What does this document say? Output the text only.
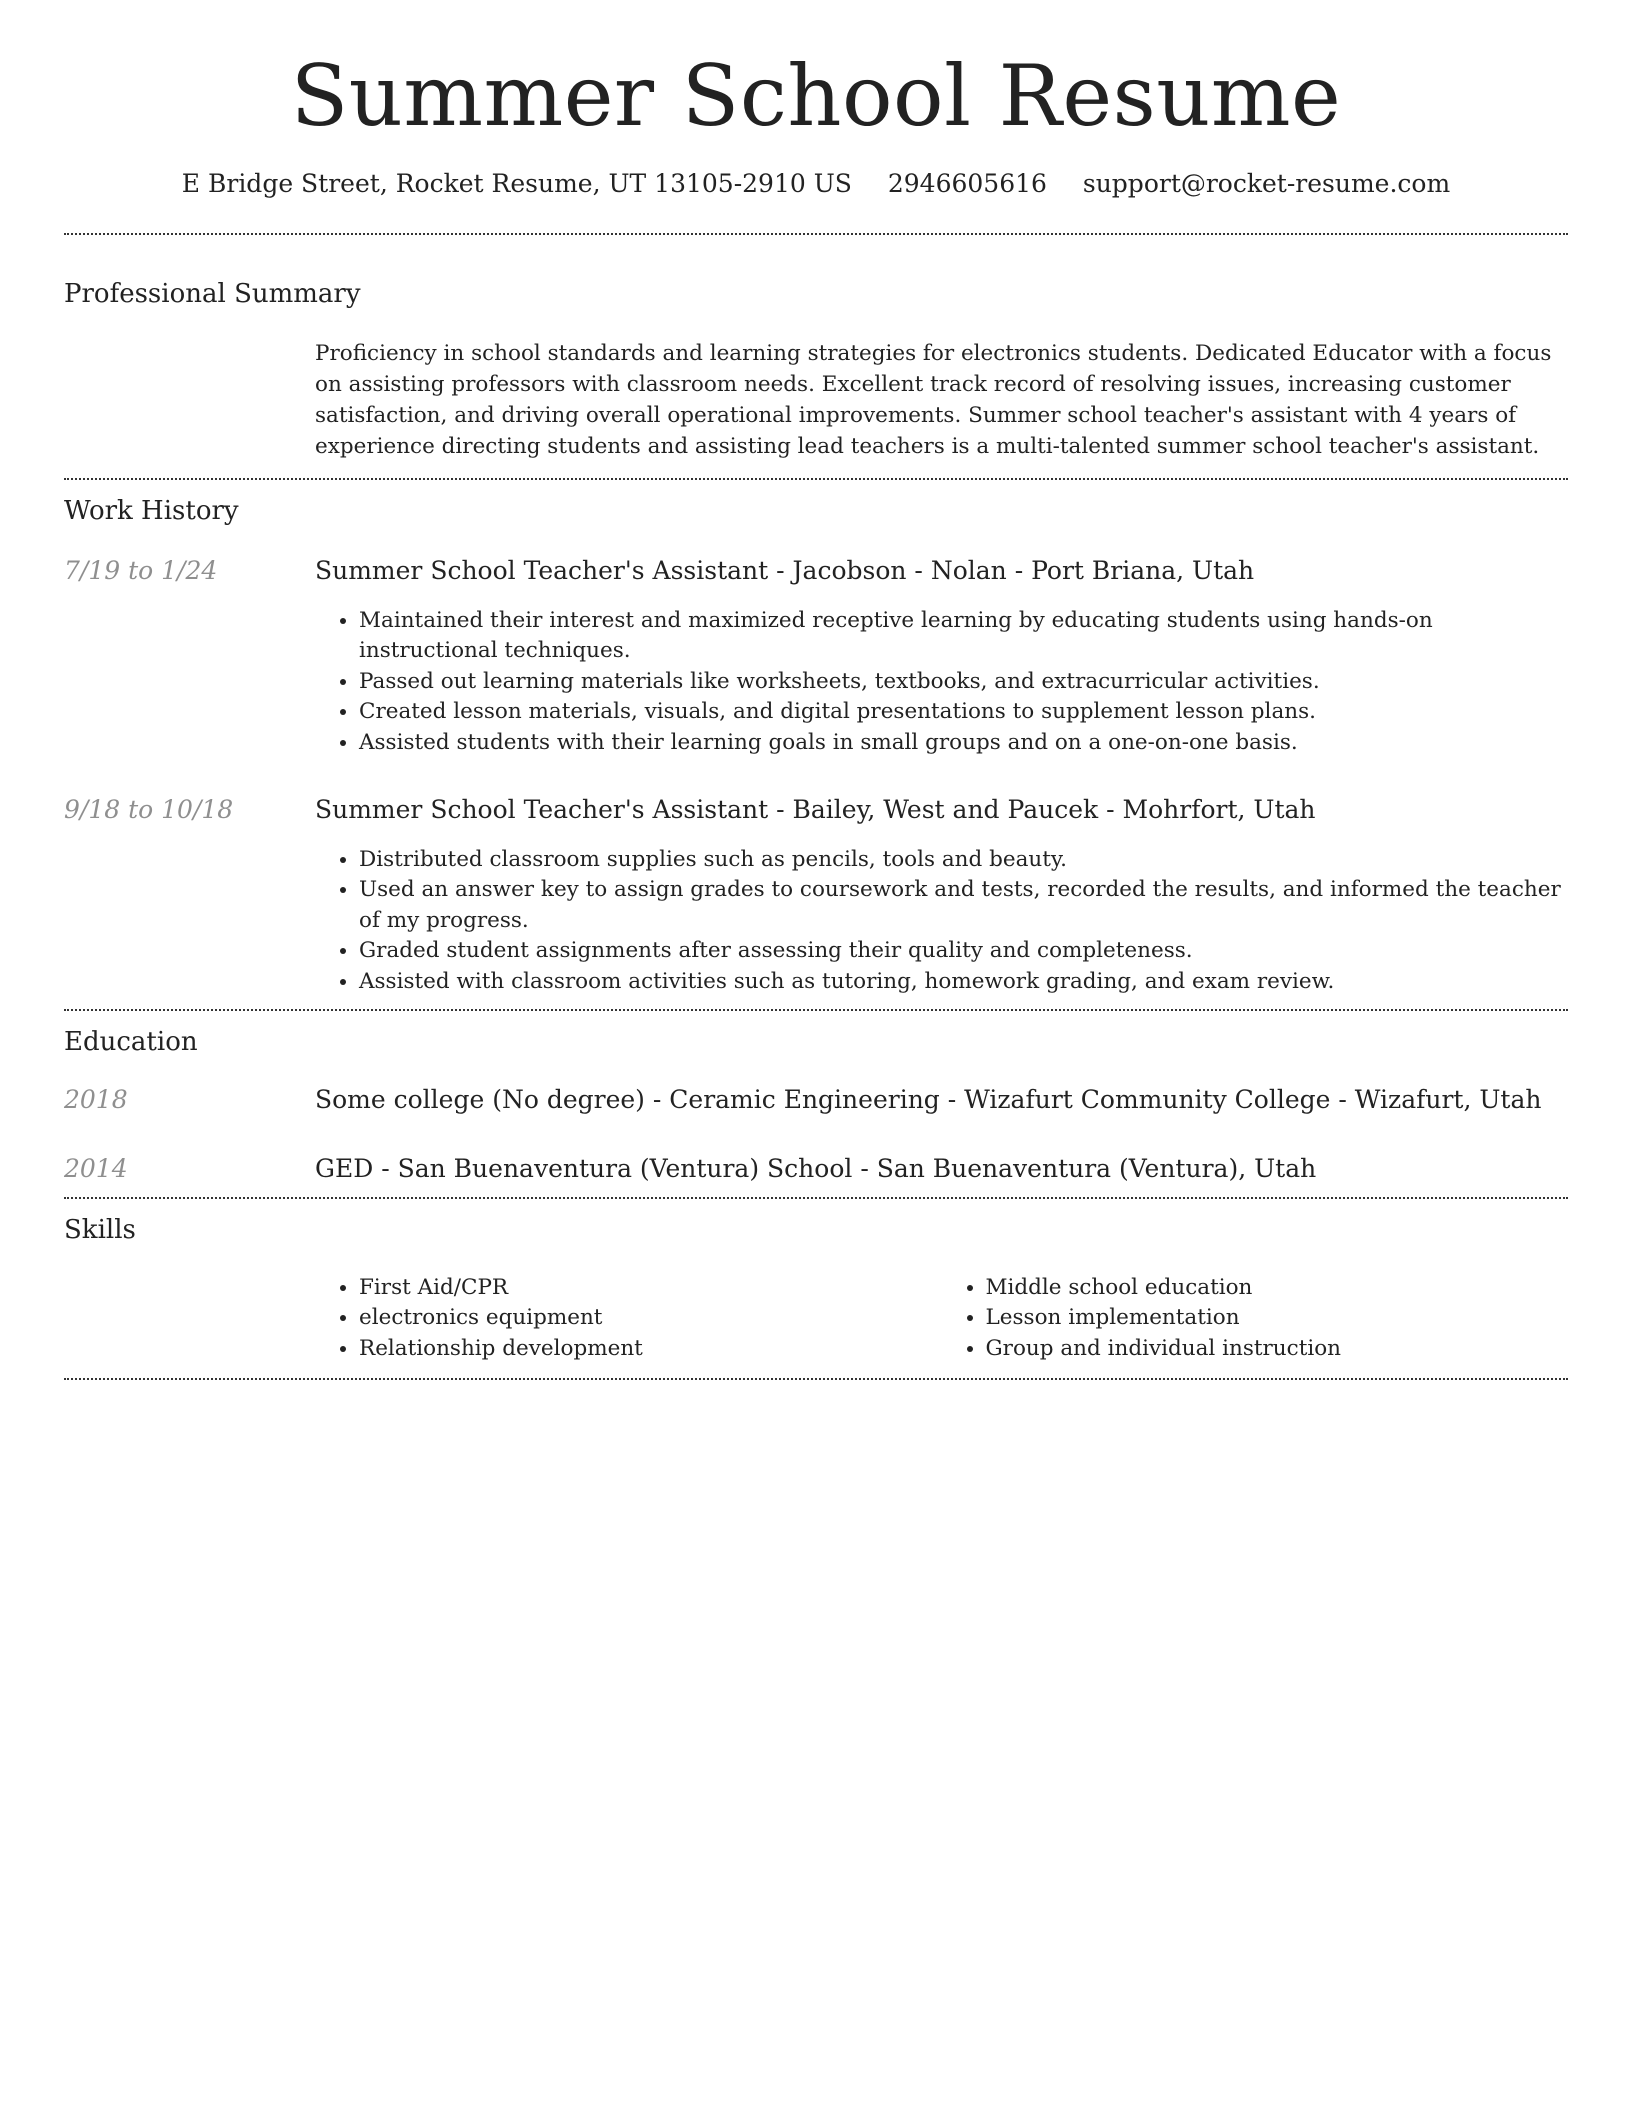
Summer School Resume
E Bridge Street, Rocket Resume, UT 13105-2910 US 2946605616 support@rocket-resume.com
Professional Summary

Proficiency in school standards and learning strategies for electronics students. Dedicated Educator with a focus on assisting professors with classroom needs. Excellent track record of resolving issues, increasing customer satisfaction, and driving overall operational improvements. Summer school teacher's assistant with 4 years of experience directing students and assisting lead teachers is a multi-talented summer school teacher's assistant.

Work History
7/19 to 1/24	Summer School Teacher's Assistant - Jacobson - Nolan - Port Briana, Utah
• Maintained their interest and maximized receptive learning by educating students using hands-on instructional techniques.
• Passed out learning materials like worksheets, textbooks, and extracurricular activities.
• Created lesson materials, visuals, and digital presentations to supplement lesson plans.
• Assisted students with their learning goals in small groups and on a one-on-one basis.
9/18 to 10/18	Summer School Teacher's Assistant - Bailey, West and Paucek - Mohrfort, Utah
• Distributed classroom supplies such as pencils, tools and beauty.
• Used an answer key to assign grades to coursework and tests, recorded the results, and informed the teacher of my progress.
• Graded student assignments after assessing their quality and completeness.
• Assisted with classroom activities such as tutoring, homework grading, and exam review.
Education
2018	Some college (No degree) - Ceramic Engineering - Wizafurt Community College - Wizafurt, Utah
2014	GED - San Buenaventura (Ventura) School - San Buenaventura (Ventura), Utah
Skills
• First Aid/CPR
• electronics equipment
• Relationship development
• Middle school education
• Lesson implementation
• Group and individual instruction
